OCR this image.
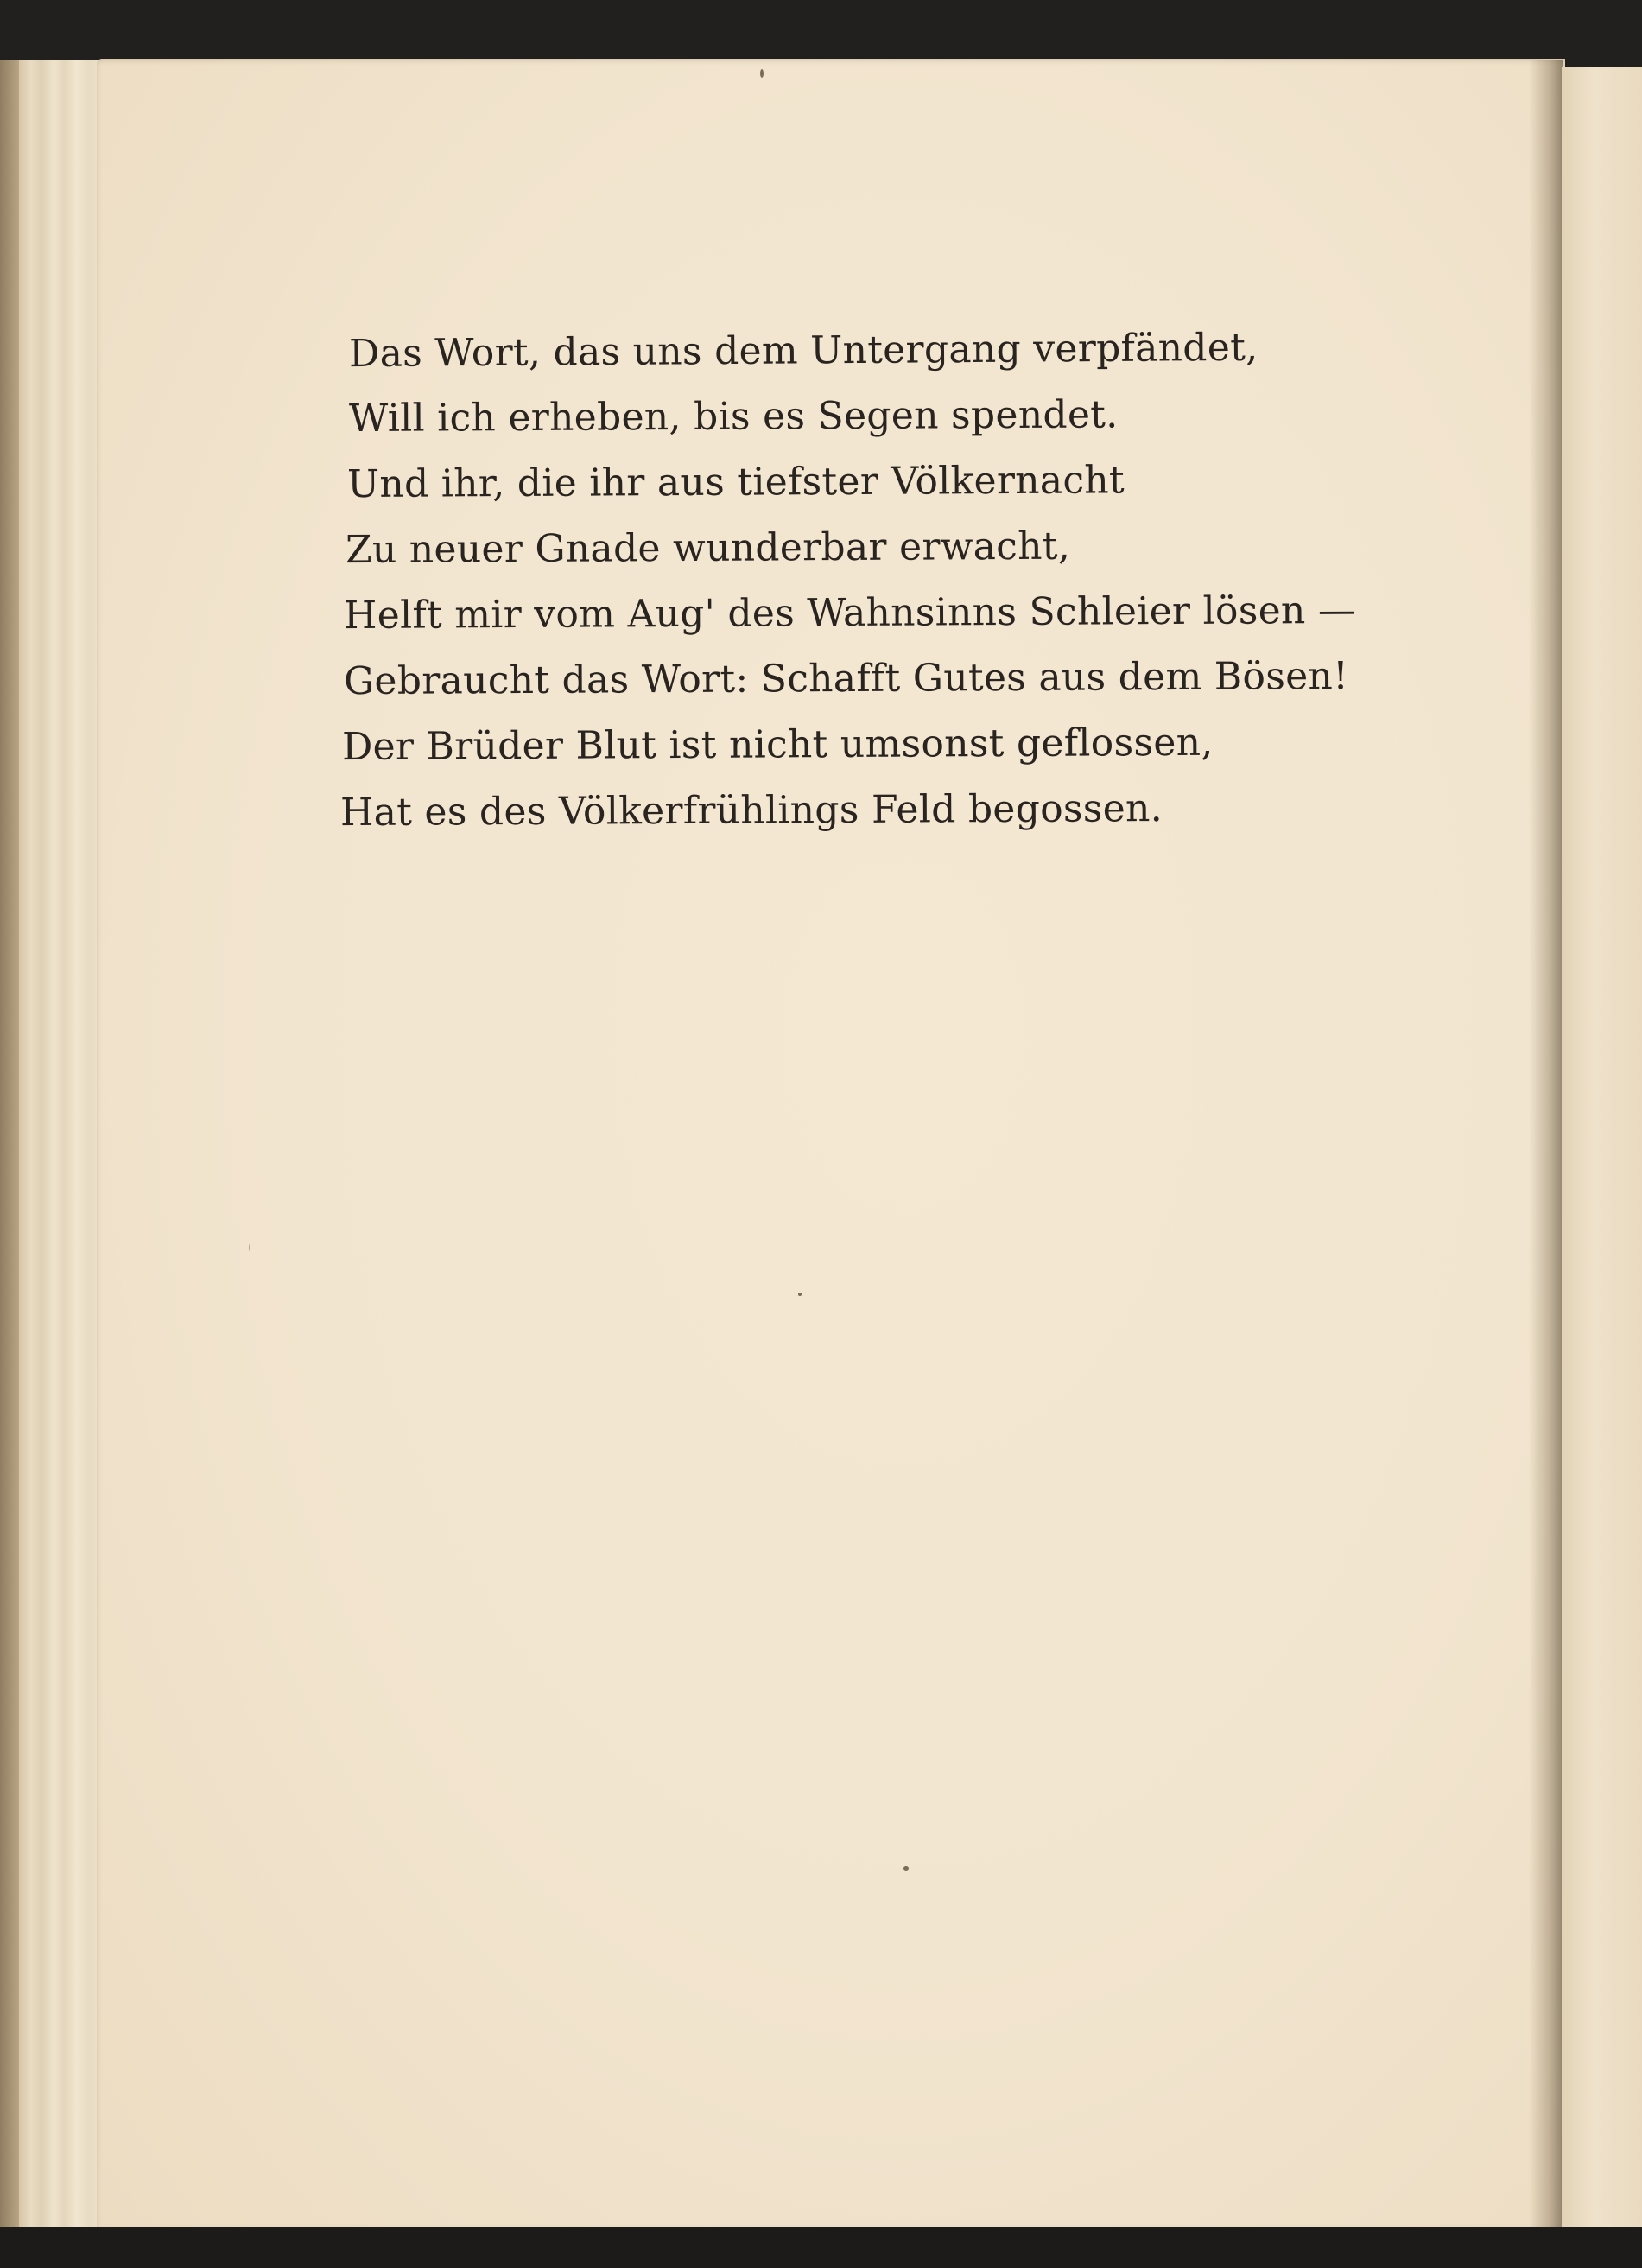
Das Wort, das uns dem Untergang verpfändet,
Will ich erheben, bis es Segen spendet.
Und ihr, die ihr aus tiefster Völkernacht
Zu neuer Gnade wunderbar erwacht,
Helft mir vom Aug' des Wahnsinns Schleier lösen —
Gebraucht das Wort: Schafft Gutes aus dem Bösen!
Der Brüder Blut ist nicht umsonst geflossen,
Hat es des Völkerfrühlings Feld begossen.
